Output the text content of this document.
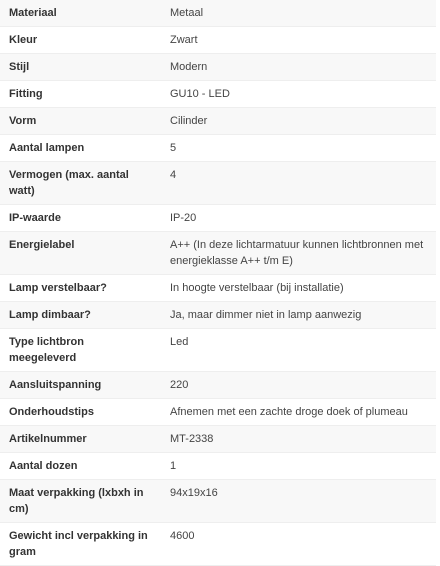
Materiaal	Metaal
Kleur	Zwart
Stijl	Modern
Fitting	GU10 - LED
Vorm	Cilinder
Aantal lampen	5
Vermogen (max. aantal watt)	4
IP-waarde	IP-20
Energielabel	A++ (In deze lichtarmatuur kunnen lichtbronnen met energieklasse A++ t/m E)
Lamp verstelbaar?	In hoogte verstelbaar (bij installatie)
Lamp dimbaar?	Ja, maar dimmer niet in lamp aanwezig
Type lichtbron meegeleverd	Led
Aansluitspanning	220
Onderhoudstips	Afnemen met een zachte droge doek of plumeau
Artikelnummer	MT-2338
Aantal dozen	1
Maat verpakking (lxbxh in cm)	94x19x16
Gewicht incl verpakking in gram	4600
